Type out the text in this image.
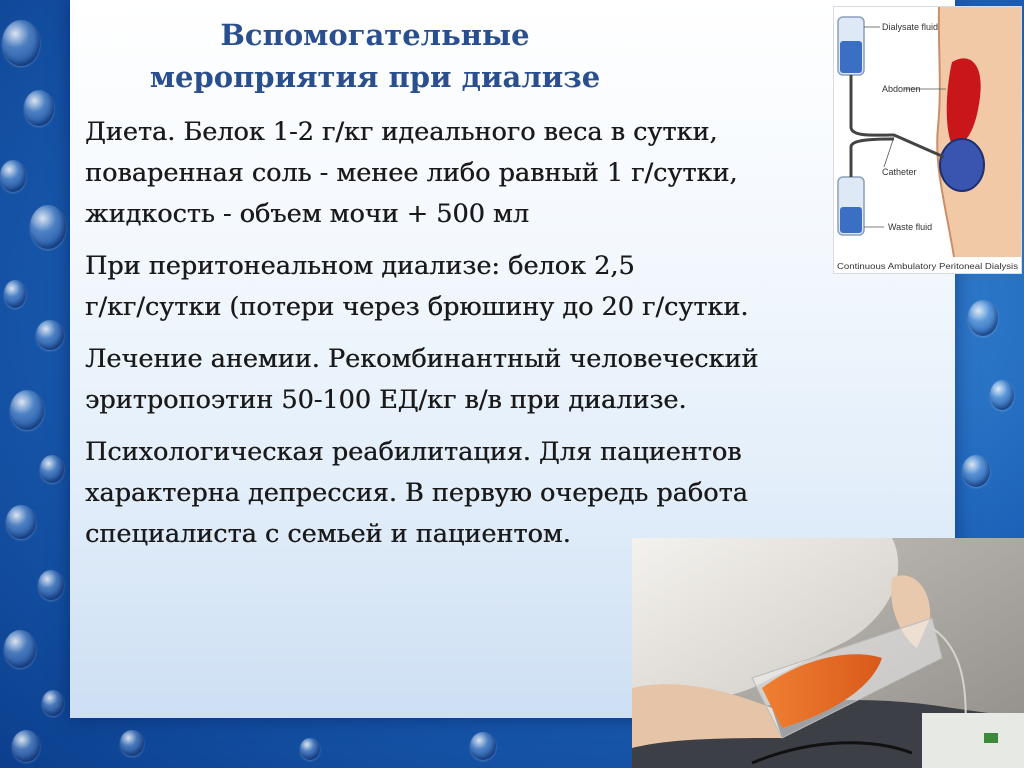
Вспомогательные
мероприятия при диализе

Диета. Белок 1-2 г/кг идеального веса в сутки,
поваренная соль - менее либо равный 1 г/сутки,
жидкость - объем мочи + 500 мл

При перитонеальном диализе: белок 2,5
г/кг/сутки (потери через брюшину до 20 г/сутки.

Лечение анемии. Рекомбинантный человеческий
эритропоэтин 50-100 ЕД/кг в/в при диализе.

Психологическая реабилитация. Для пациентов
характерна депрессия. В первую очередь работа
специалиста с семьей и пациентом.

Dialysate fluid
Abdomen
Catheter
Waste fluid
Continuous Ambulatory Peritoneal Dialysis
